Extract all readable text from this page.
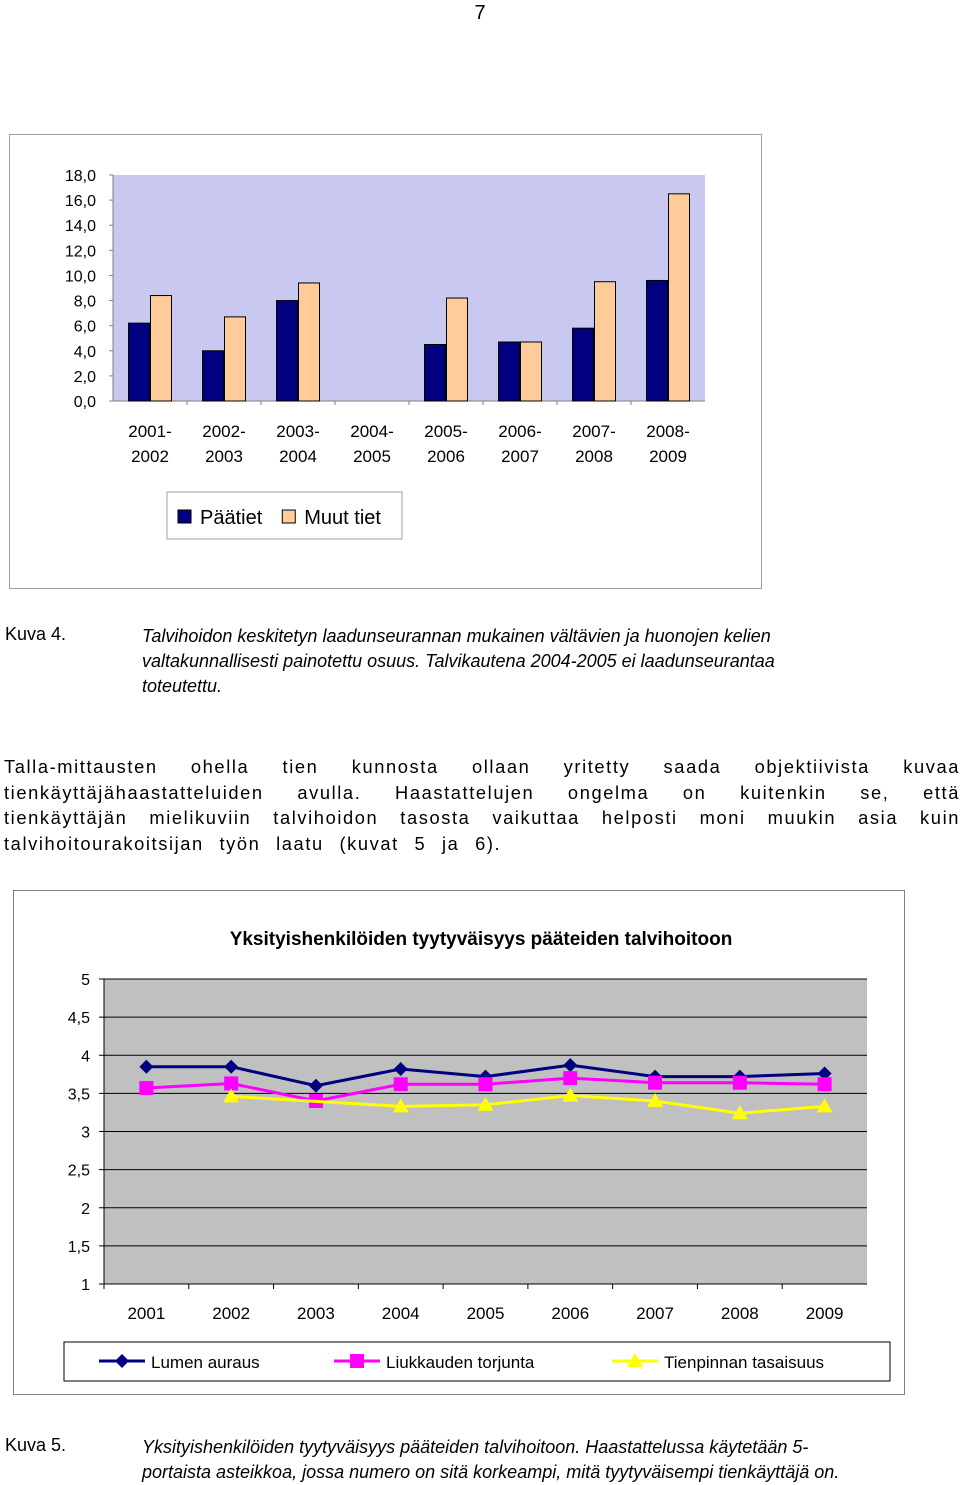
7
0,0
2,0
4,0
6,0
8,0
10,0
12,0
14,0
16,0
18,0
2001-
2002
2002-
2003
2003-
2004
2004-
2005
2005-
2006
2006-
2007
2007-
2008
2008-
2009
Päätiet Muut tiet
Kuva 4.	Talvihoidon keskitetyn laadunseurannan mukainen vältävien ja huonojen kelien
valtakunnallisesti painotettu osuus. Talvikautena 2004-2005 ei laadunseurantaa
toteutettu.
Talla-mittausten ohella tien kunnosta ollaan yritetty saada objektiivista kuvaa
tienkäyttäjähaastatteluiden avulla. Haastattelujen ongelma on kuitenkin se, että
tienkäyttäjän mielikuviin talvihoidon tasosta vaikuttaa helposti moni muukin asia kuin
talvihoitourakoitsijan työn laatu (kuvat 5 ja 6).
Yksityishenkilöiden tyytyväisyys pääteiden talvihoitoon
1
1,5
2
2,5
3
3,5
4
4,5
5
2001	2002	2003	2004	2005	2006	2007	2008	2009
Lumen auraus	Liukkauden torjunta	Tienpinnan tasaisuus
Kuva 5.	Yksityishenkilöiden tyytyväisyys pääteiden talvihoitoon. Haastattelussa käytetään 5-
portaista asteikkoa, jossa numero on sitä korkeampi, mitä tyytyväisempi tienkäyttäjä on.
